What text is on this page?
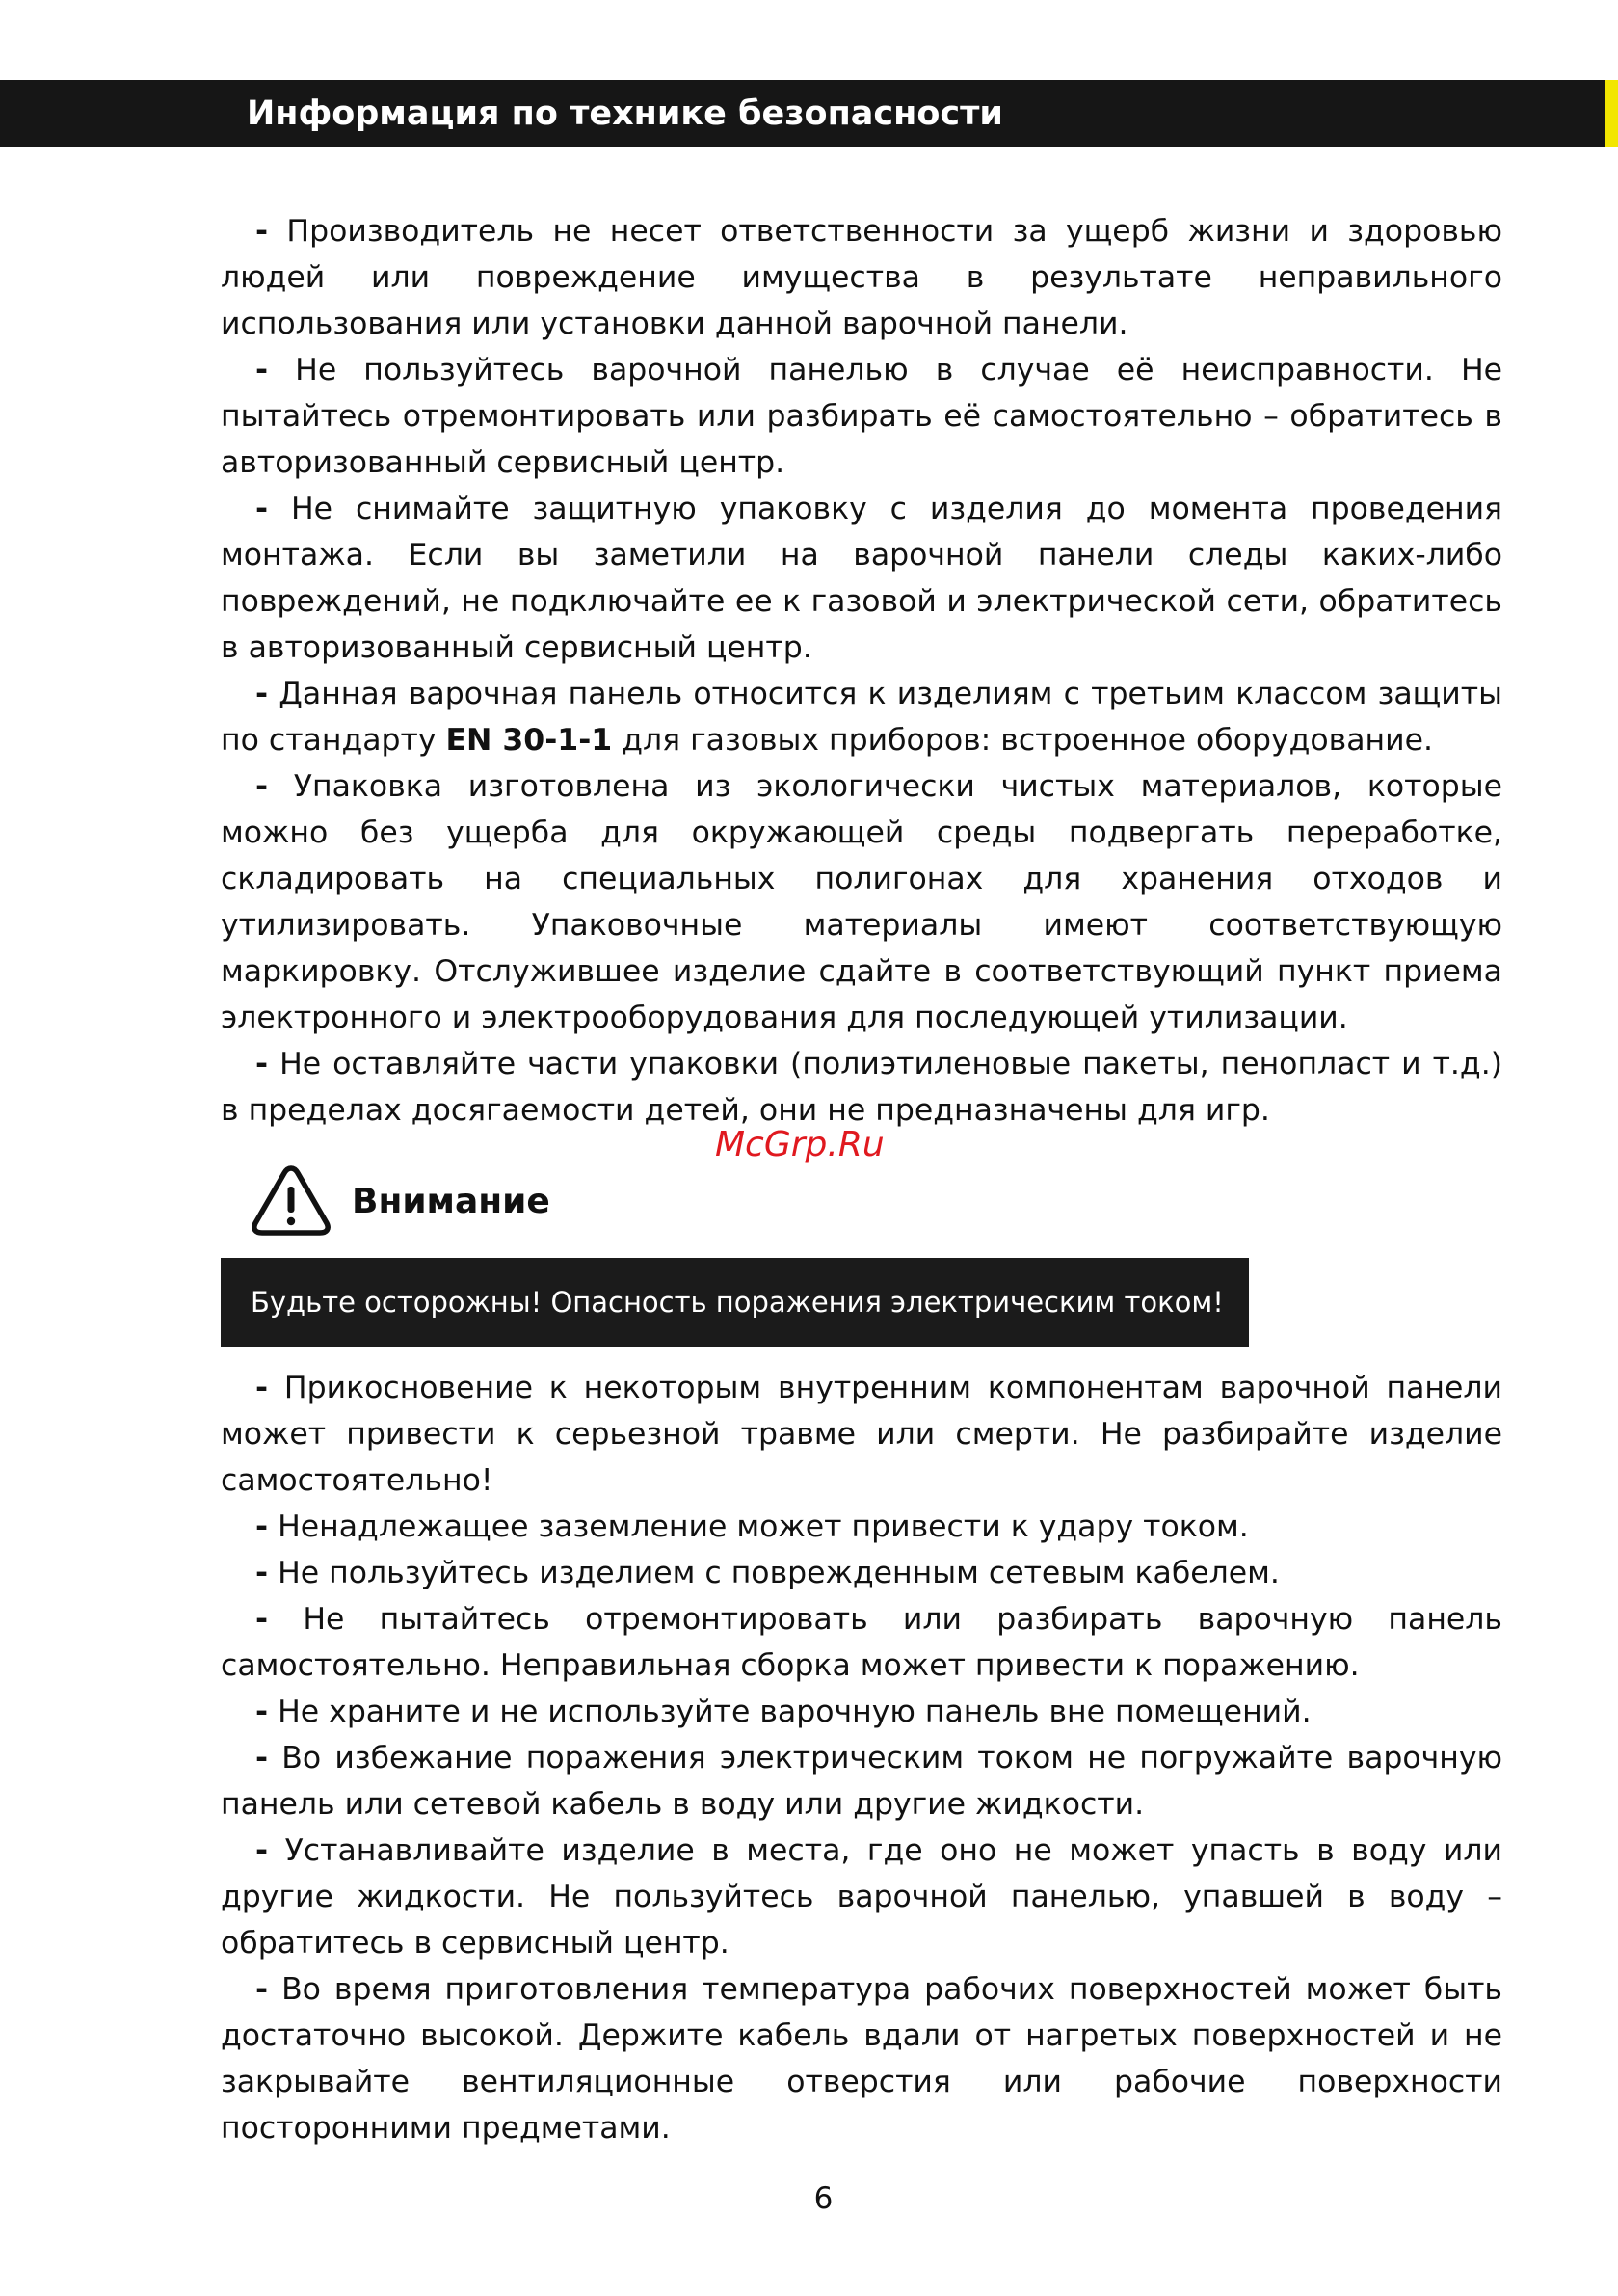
Информация по технике безопасности

- Производитель не несет ответственности за ущерб жизни и здоровью людей или повреждение имущества в результате неправильного использования или установки данной варочной панели.

- Не пользуйтесь варочной панелью в случае её неисправности. Не пытайтесь отремонтировать или разбирать её самостоятельно – обратитесь в авторизованный сервисный центр.

- Не снимайте защитную упаковку с изделия до момента проведения монтажа. Если вы заметили на варочной панели следы каких-либо повреждений, не подключайте ее к газовой и электрической сети, обратитесь в авторизованный сервисный центр.

- Данная варочная панель относится к изделиям с третьим классом защиты по стандарту EN 30-1-1 для газовых приборов: встроенное оборудование.

- Упаковка изготовлена из экологически чистых материалов, которые можно без ущерба для окружающей среды подвергать переработке, складировать на специальных полигонах для хранения отходов и утилизировать. Упаковочные материалы имеют соответствующую маркировку. Отслужившее изделие сдайте в соответствующий пункт приема электронного и электрооборудования для последующей утилизации.

- Не оставляйте части упаковки (полиэтиленовые пакеты, пенопласт и т.д.) в пределах досягаемости детей, они не предназначены для игр.

McGrp.Ru
Внимание
Будьте осторожны! Опасность поражения электрическим током!

- Прикосновение к некоторым внутренним компонентам варочной панели может привести к серьезной травме или смерти. Не разбирайте изделие самостоятельно!

- Ненадлежащее заземление может привести к удару током.

- Не пользуйтесь изделием с поврежденным сетевым кабелем.

- Не пытайтесь отремонтировать или разбирать варочную панель самостоятельно. Неправильная сборка может привести к поражению.

- Не храните и не используйте варочную панель вне помещений.

- Во избежание поражения электрическим током не погружайте варочную панель или сетевой кабель в воду или другие жидкости.

- Устанавливайте изделие в места, где оно не может упасть в воду или другие жидкости. Не пользуйтесь варочной панелью, упавшей в воду – обратитесь в сервисный центр.

- Во время приготовления температура рабочих поверхностей может быть достаточно высокой. Держите кабель вдали от нагретых поверхностей и не закрывайте вентиляционные отверстия или рабочие поверхности посторонними предметами.

6
